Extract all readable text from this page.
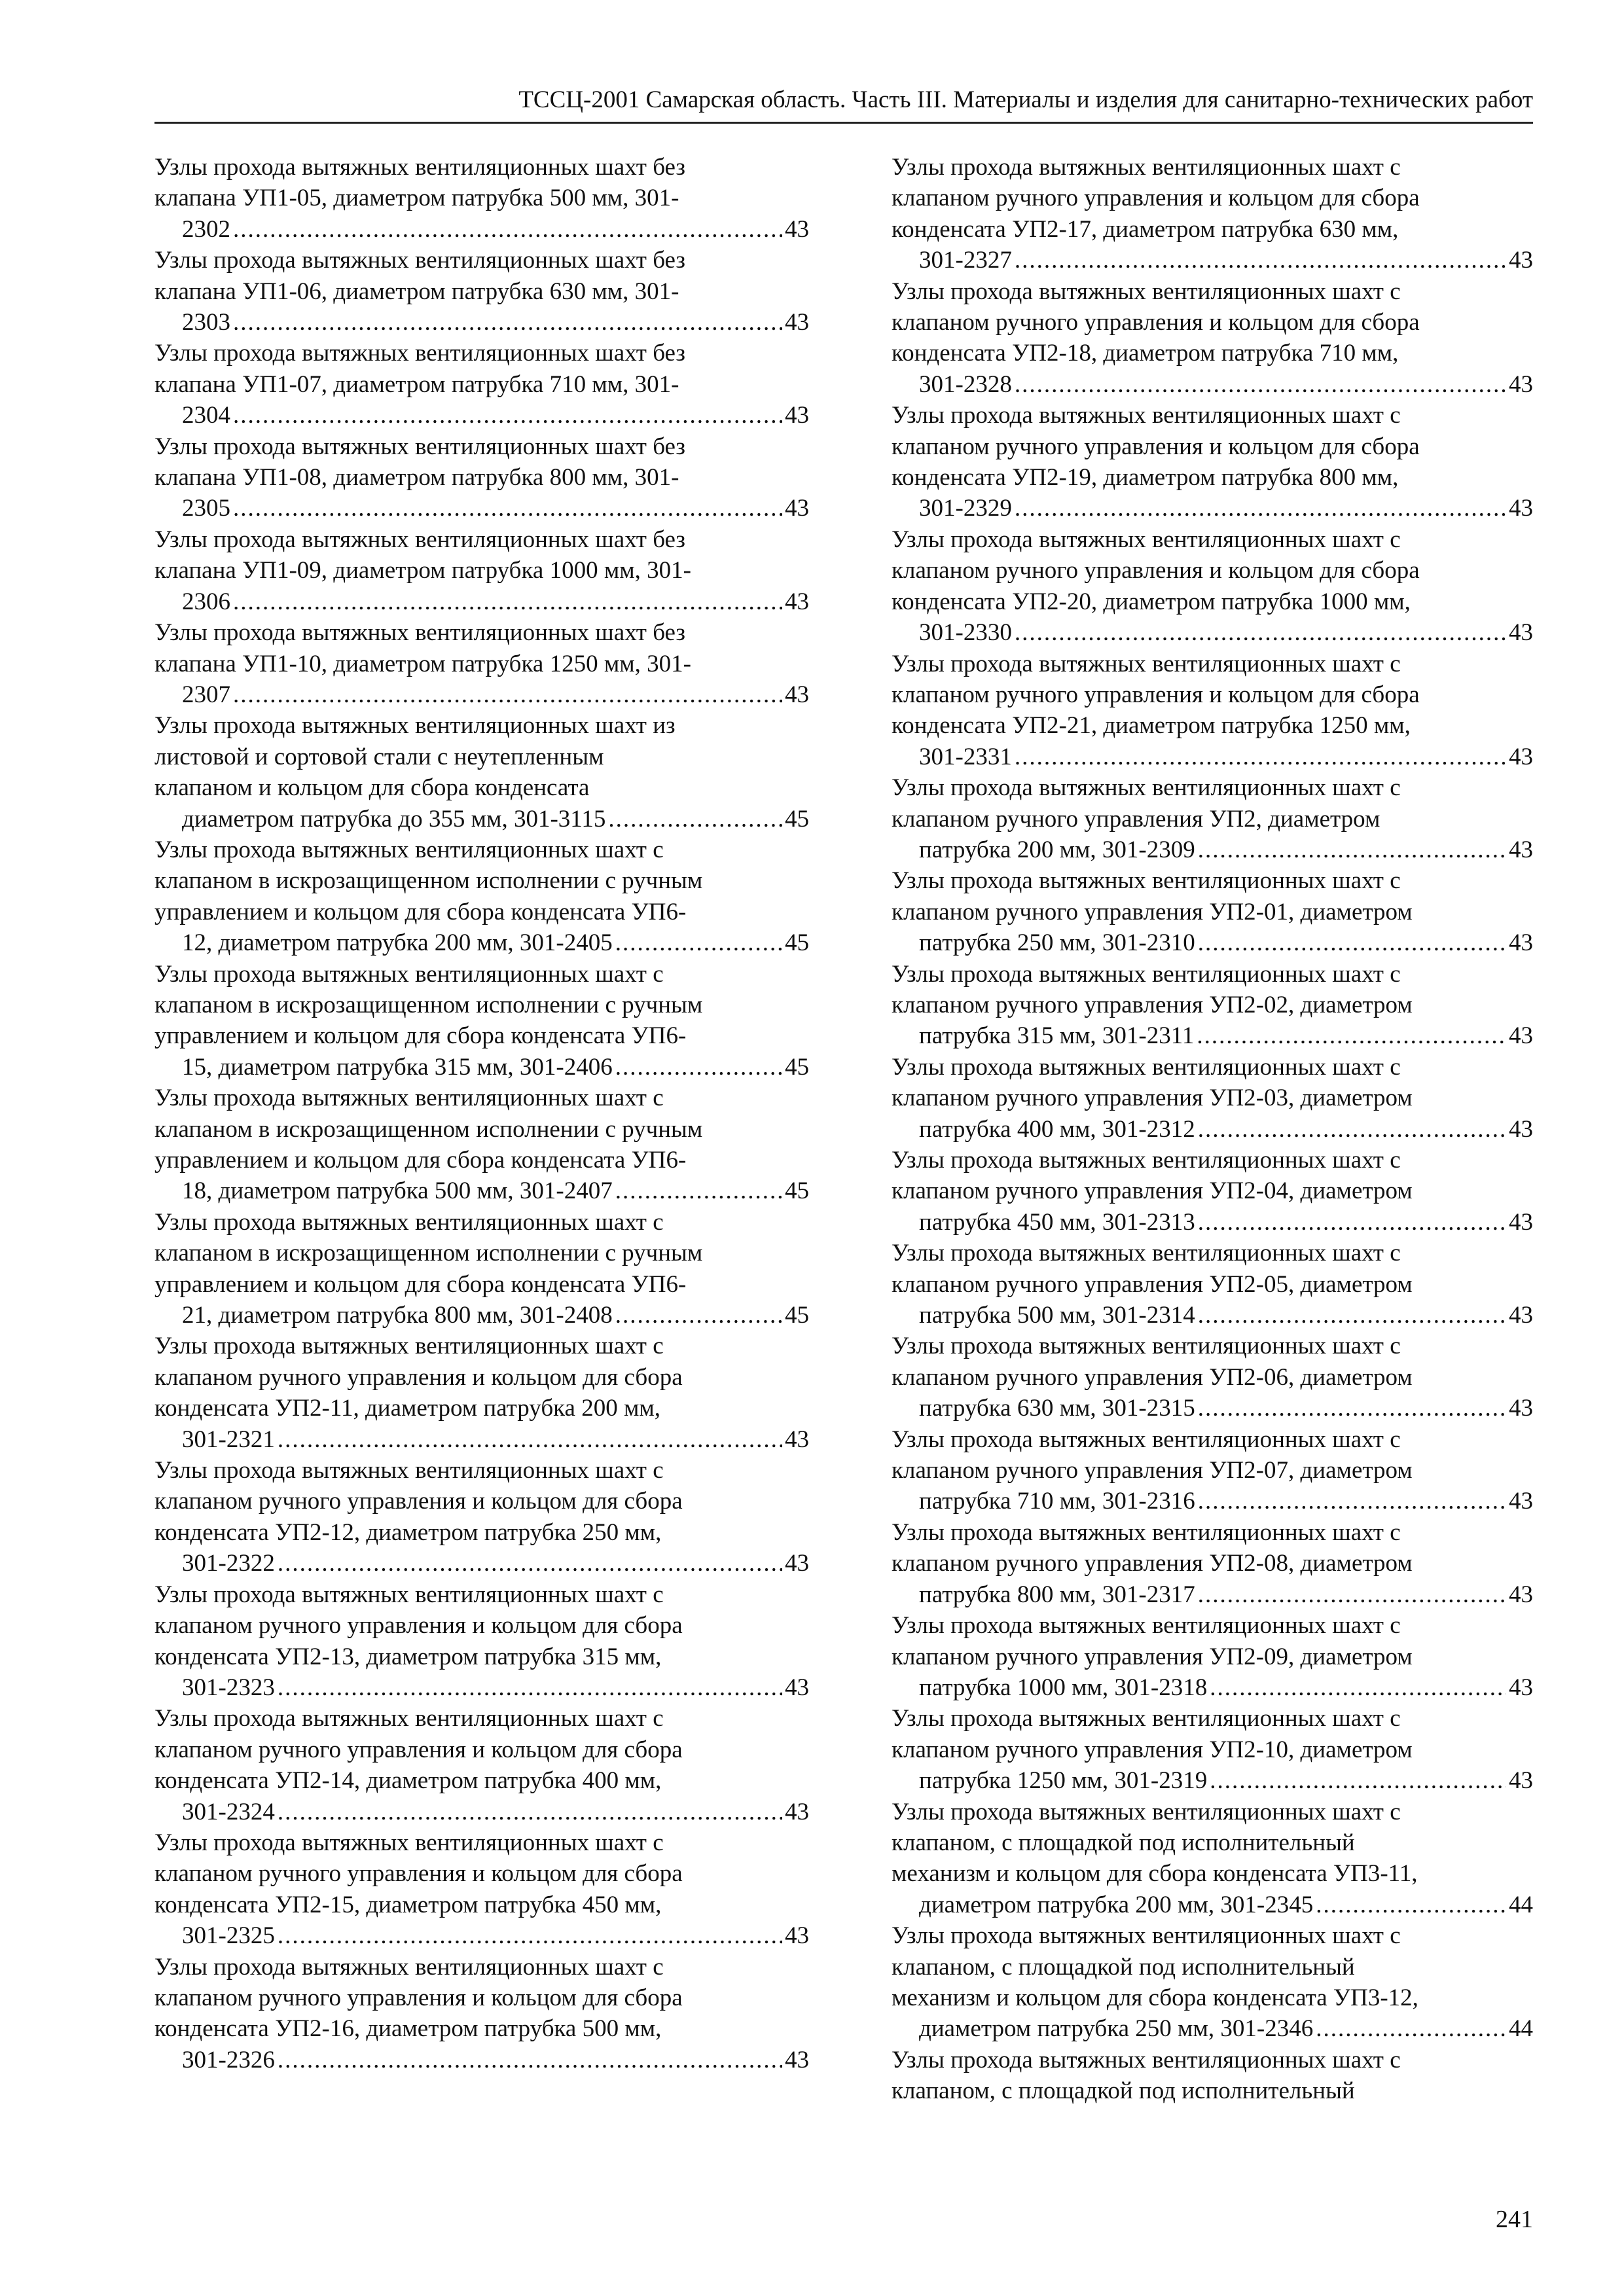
ТССЦ-2001 Самарская область. Часть III. Материалы и изделия для санитарно-технических работ
Узлы прохода вытяжных вентиляционных шахт без
клапана УП1-05, диаметром патрубка 500 мм, 301-
2302 .....	43
Узлы прохода вытяжных вентиляционных шахт без
клапана УП1-06, диаметром патрубка 630 мм, 301-
2303 .....	43
Узлы прохода вытяжных вентиляционных шахт без
клапана УП1-07, диаметром патрубка 710 мм, 301-
2304 .....	43
Узлы прохода вытяжных вентиляционных шахт без
клапана УП1-08, диаметром патрубка 800 мм, 301-
2305 .....	43
Узлы прохода вытяжных вентиляционных шахт без
клапана УП1-09, диаметром патрубка 1000 мм, 301-
2306 .....	43
Узлы прохода вытяжных вентиляционных шахт без
клапана УП1-10, диаметром патрубка 1250 мм, 301-
2307 .....	43
Узлы прохода вытяжных вентиляционных шахт из
листовой и сортовой стали с неутепленным
клапаном и кольцом для сбора конденсата
диаметром патрубка до 355 мм, 301-3115 .....	45
Узлы прохода вытяжных вентиляционных шахт с
клапаном в искрозащищенном исполнении с ручным
управлением и кольцом для сбора конденсата УП6-
12, диаметром патрубка 200 мм, 301-2405 .....	45
Узлы прохода вытяжных вентиляционных шахт с
клапаном в искрозащищенном исполнении с ручным
управлением и кольцом для сбора конденсата УП6-
15, диаметром патрубка 315 мм, 301-2406 .....	45
Узлы прохода вытяжных вентиляционных шахт с
клапаном в искрозащищенном исполнении с ручным
управлением и кольцом для сбора конденсата УП6-
18, диаметром патрубка 500 мм, 301-2407 .....	45
Узлы прохода вытяжных вентиляционных шахт с
клапаном в искрозащищенном исполнении с ручным
управлением и кольцом для сбора конденсата УП6-
21, диаметром патрубка 800 мм, 301-2408 .....	45
Узлы прохода вытяжных вентиляционных шахт с
клапаном ручного управления и кольцом для сбора
конденсата УП2-11, диаметром патрубка 200 мм,
301-2321 .....	43
Узлы прохода вытяжных вентиляционных шахт с
клапаном ручного управления и кольцом для сбора
конденсата УП2-12, диаметром патрубка 250 мм,
301-2322 .....	43
Узлы прохода вытяжных вентиляционных шахт с
клапаном ручного управления и кольцом для сбора
конденсата УП2-13, диаметром патрубка 315 мм,
301-2323 .....	43
Узлы прохода вытяжных вентиляционных шахт с
клапаном ручного управления и кольцом для сбора
конденсата УП2-14, диаметром патрубка 400 мм,
301-2324 .....	43
Узлы прохода вытяжных вентиляционных шахт с
клапаном ручного управления и кольцом для сбора
конденсата УП2-15, диаметром патрубка 450 мм,
301-2325 .....	43
Узлы прохода вытяжных вентиляционных шахт с
клапаном ручного управления и кольцом для сбора
конденсата УП2-16, диаметром патрубка 500 мм,
301-2326 .....	43
Узлы прохода вытяжных вентиляционных шахт с
клапаном ручного управления и кольцом для сбора
конденсата УП2-17, диаметром патрубка 630 мм,
301-2327 .....	43
Узлы прохода вытяжных вентиляционных шахт с
клапаном ручного управления и кольцом для сбора
конденсата УП2-18, диаметром патрубка 710 мм,
301-2328 .....	43
Узлы прохода вытяжных вентиляционных шахт с
клапаном ручного управления и кольцом для сбора
конденсата УП2-19, диаметром патрубка 800 мм,
301-2329 .....	43
Узлы прохода вытяжных вентиляционных шахт с
клапаном ручного управления и кольцом для сбора
конденсата УП2-20, диаметром патрубка 1000 мм,
301-2330 .....	43
Узлы прохода вытяжных вентиляционных шахт с
клапаном ручного управления и кольцом для сбора
конденсата УП2-21, диаметром патрубка 1250 мм,
301-2331 .....	43
Узлы прохода вытяжных вентиляционных шахт с
клапаном ручного управления УП2, диаметром
патрубка 200 мм, 301-2309 .....	43
Узлы прохода вытяжных вентиляционных шахт с
клапаном ручного управления УП2-01, диаметром
патрубка 250 мм, 301-2310 .....	43
Узлы прохода вытяжных вентиляционных шахт с
клапаном ручного управления УП2-02, диаметром
патрубка 315 мм, 301-2311 .....	43
Узлы прохода вытяжных вентиляционных шахт с
клапаном ручного управления УП2-03, диаметром
патрубка 400 мм, 301-2312 .....	43
Узлы прохода вытяжных вентиляционных шахт с
клапаном ручного управления УП2-04, диаметром
патрубка 450 мм, 301-2313 .....	43
Узлы прохода вытяжных вентиляционных шахт с
клапаном ручного управления УП2-05, диаметром
патрубка 500 мм, 301-2314 .....	43
Узлы прохода вытяжных вентиляционных шахт с
клапаном ручного управления УП2-06, диаметром
патрубка 630 мм, 301-2315 .....	43
Узлы прохода вытяжных вентиляционных шахт с
клапаном ручного управления УП2-07, диаметром
патрубка 710 мм, 301-2316 .....	43
Узлы прохода вытяжных вентиляционных шахт с
клапаном ручного управления УП2-08, диаметром
патрубка 800 мм, 301-2317 .....	43
Узлы прохода вытяжных вентиляционных шахт с
клапаном ручного управления УП2-09, диаметром
патрубка 1000 мм, 301-2318 .....	43
Узлы прохода вытяжных вентиляционных шахт с
клапаном ручного управления УП2-10, диаметром
патрубка 1250 мм, 301-2319 .....	43
Узлы прохода вытяжных вентиляционных шахт с
клапаном, с площадкой под исполнительный
механизм и кольцом для сбора конденсата УП3-11,
диаметром патрубка 200 мм, 301-2345 .....	44
Узлы прохода вытяжных вентиляционных шахт с
клапаном, с площадкой под исполнительный
механизм и кольцом для сбора конденсата УП3-12,
диаметром патрубка 250 мм, 301-2346 .....	44
Узлы прохода вытяжных вентиляционных шахт с
клапаном, с площадкой под исполнительный
241
